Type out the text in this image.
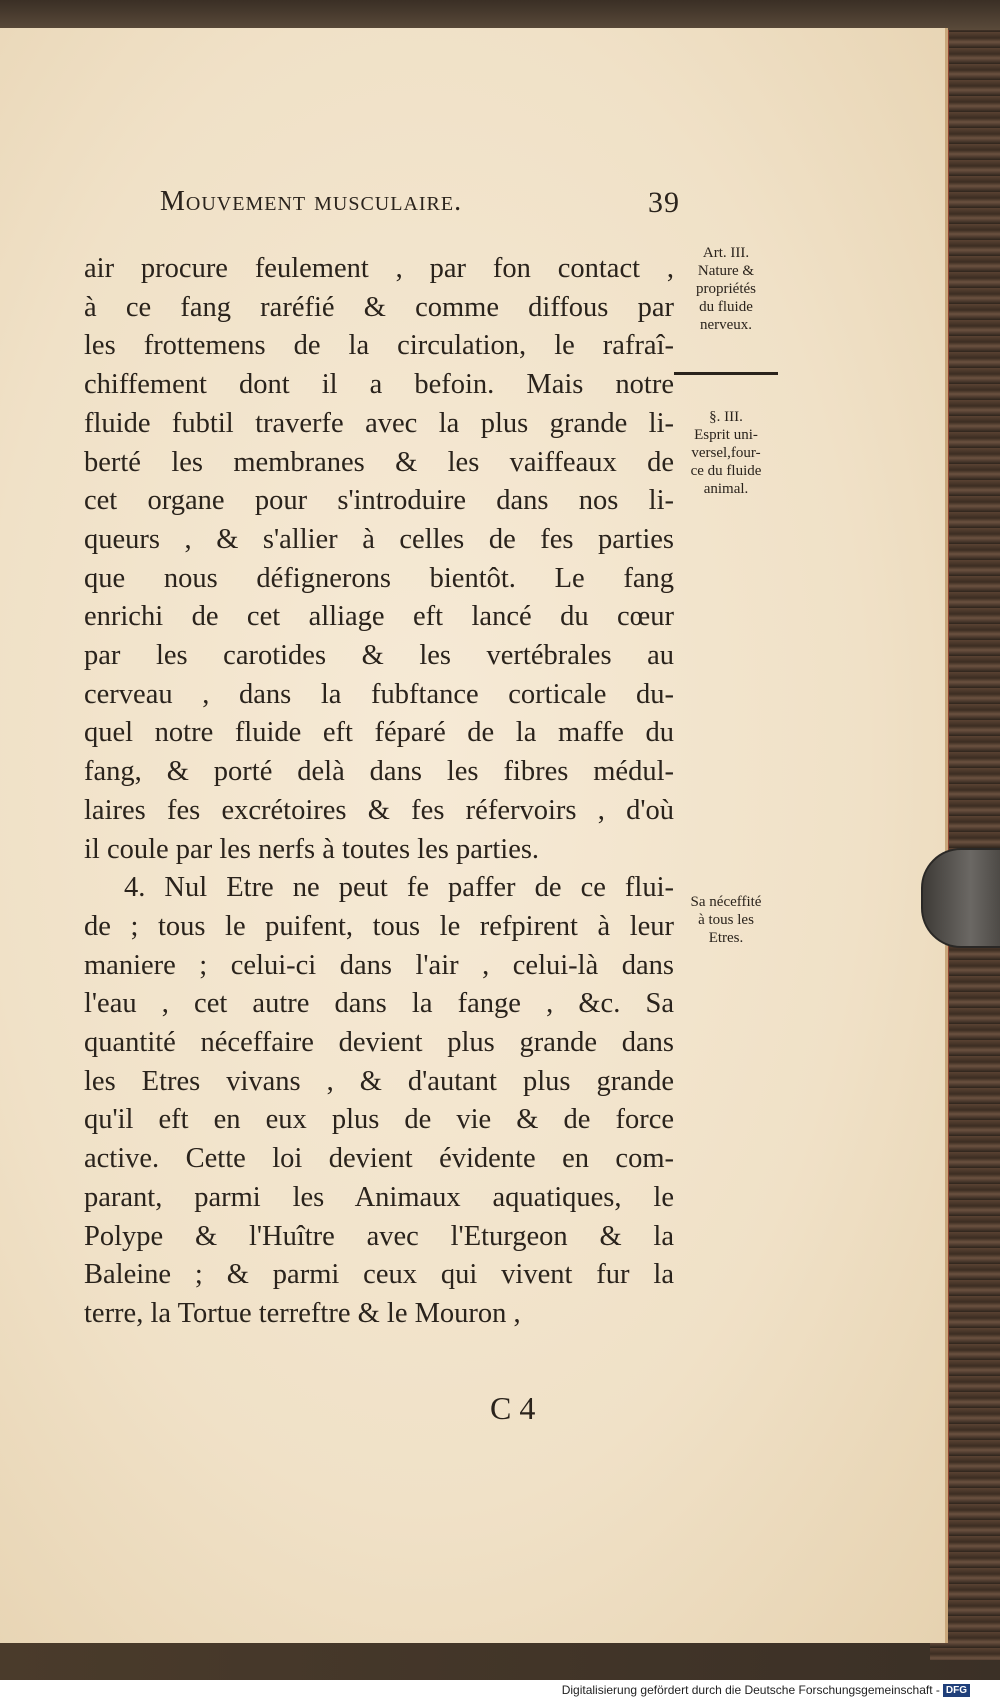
Mouvement musculaire.	39
air procure feulement , par fon contact ,
à ce fang raréfié & comme diffous par
les frottemens de la circulation, le rafraî-
chiffement dont il a befoin. Mais notre
fluide fubtil traverfe avec la plus grande li-
berté les membranes & les vaiffeaux de
cet organe pour s'introduire dans nos li-
queurs , & s'allier à celles de fes parties
que nous défignerons bientôt. Le fang
enrichi de cet alliage eft lancé du cœur
par les carotides & les vertébrales au
cerveau , dans la fubftance corticale du-
quel notre fluide eft féparé de la maffe du
fang, & porté delà dans les fibres médul-
laires fes excrétoires & fes réfervoirs , d'où
il coule par les nerfs à toutes les parties.
4. Nul Etre ne peut fe paffer de ce flui-
de ; tous le puifent, tous le refpirent à leur
maniere ; celui-ci dans l'air , celui-là dans
l'eau , cet autre dans la fange , &c. Sa
quantité néceffaire devient plus grande dans
les Etres vivans , & d'autant plus grande
qu'il eft en eux plus de vie & de force
active. Cette loi devient évidente en com-
parant, parmi les Animaux aquatiques, le
Polype & l'Huître avec l'Eturgeon & la
Baleine ; & parmi ceux qui vivent fur la
terre, la Tortue terreftre & le Mouron ,
Art. III.
Nature &
propriétés
du fluide
nerveux.
§. III.
Esprit uni-
versel,four-
ce du fluide
animal.
Sa néceffité
à tous les
Etres.
C 4
Digitalisierung gefördert durch die Deutsche Forschungsgemeinschaft - DFG
